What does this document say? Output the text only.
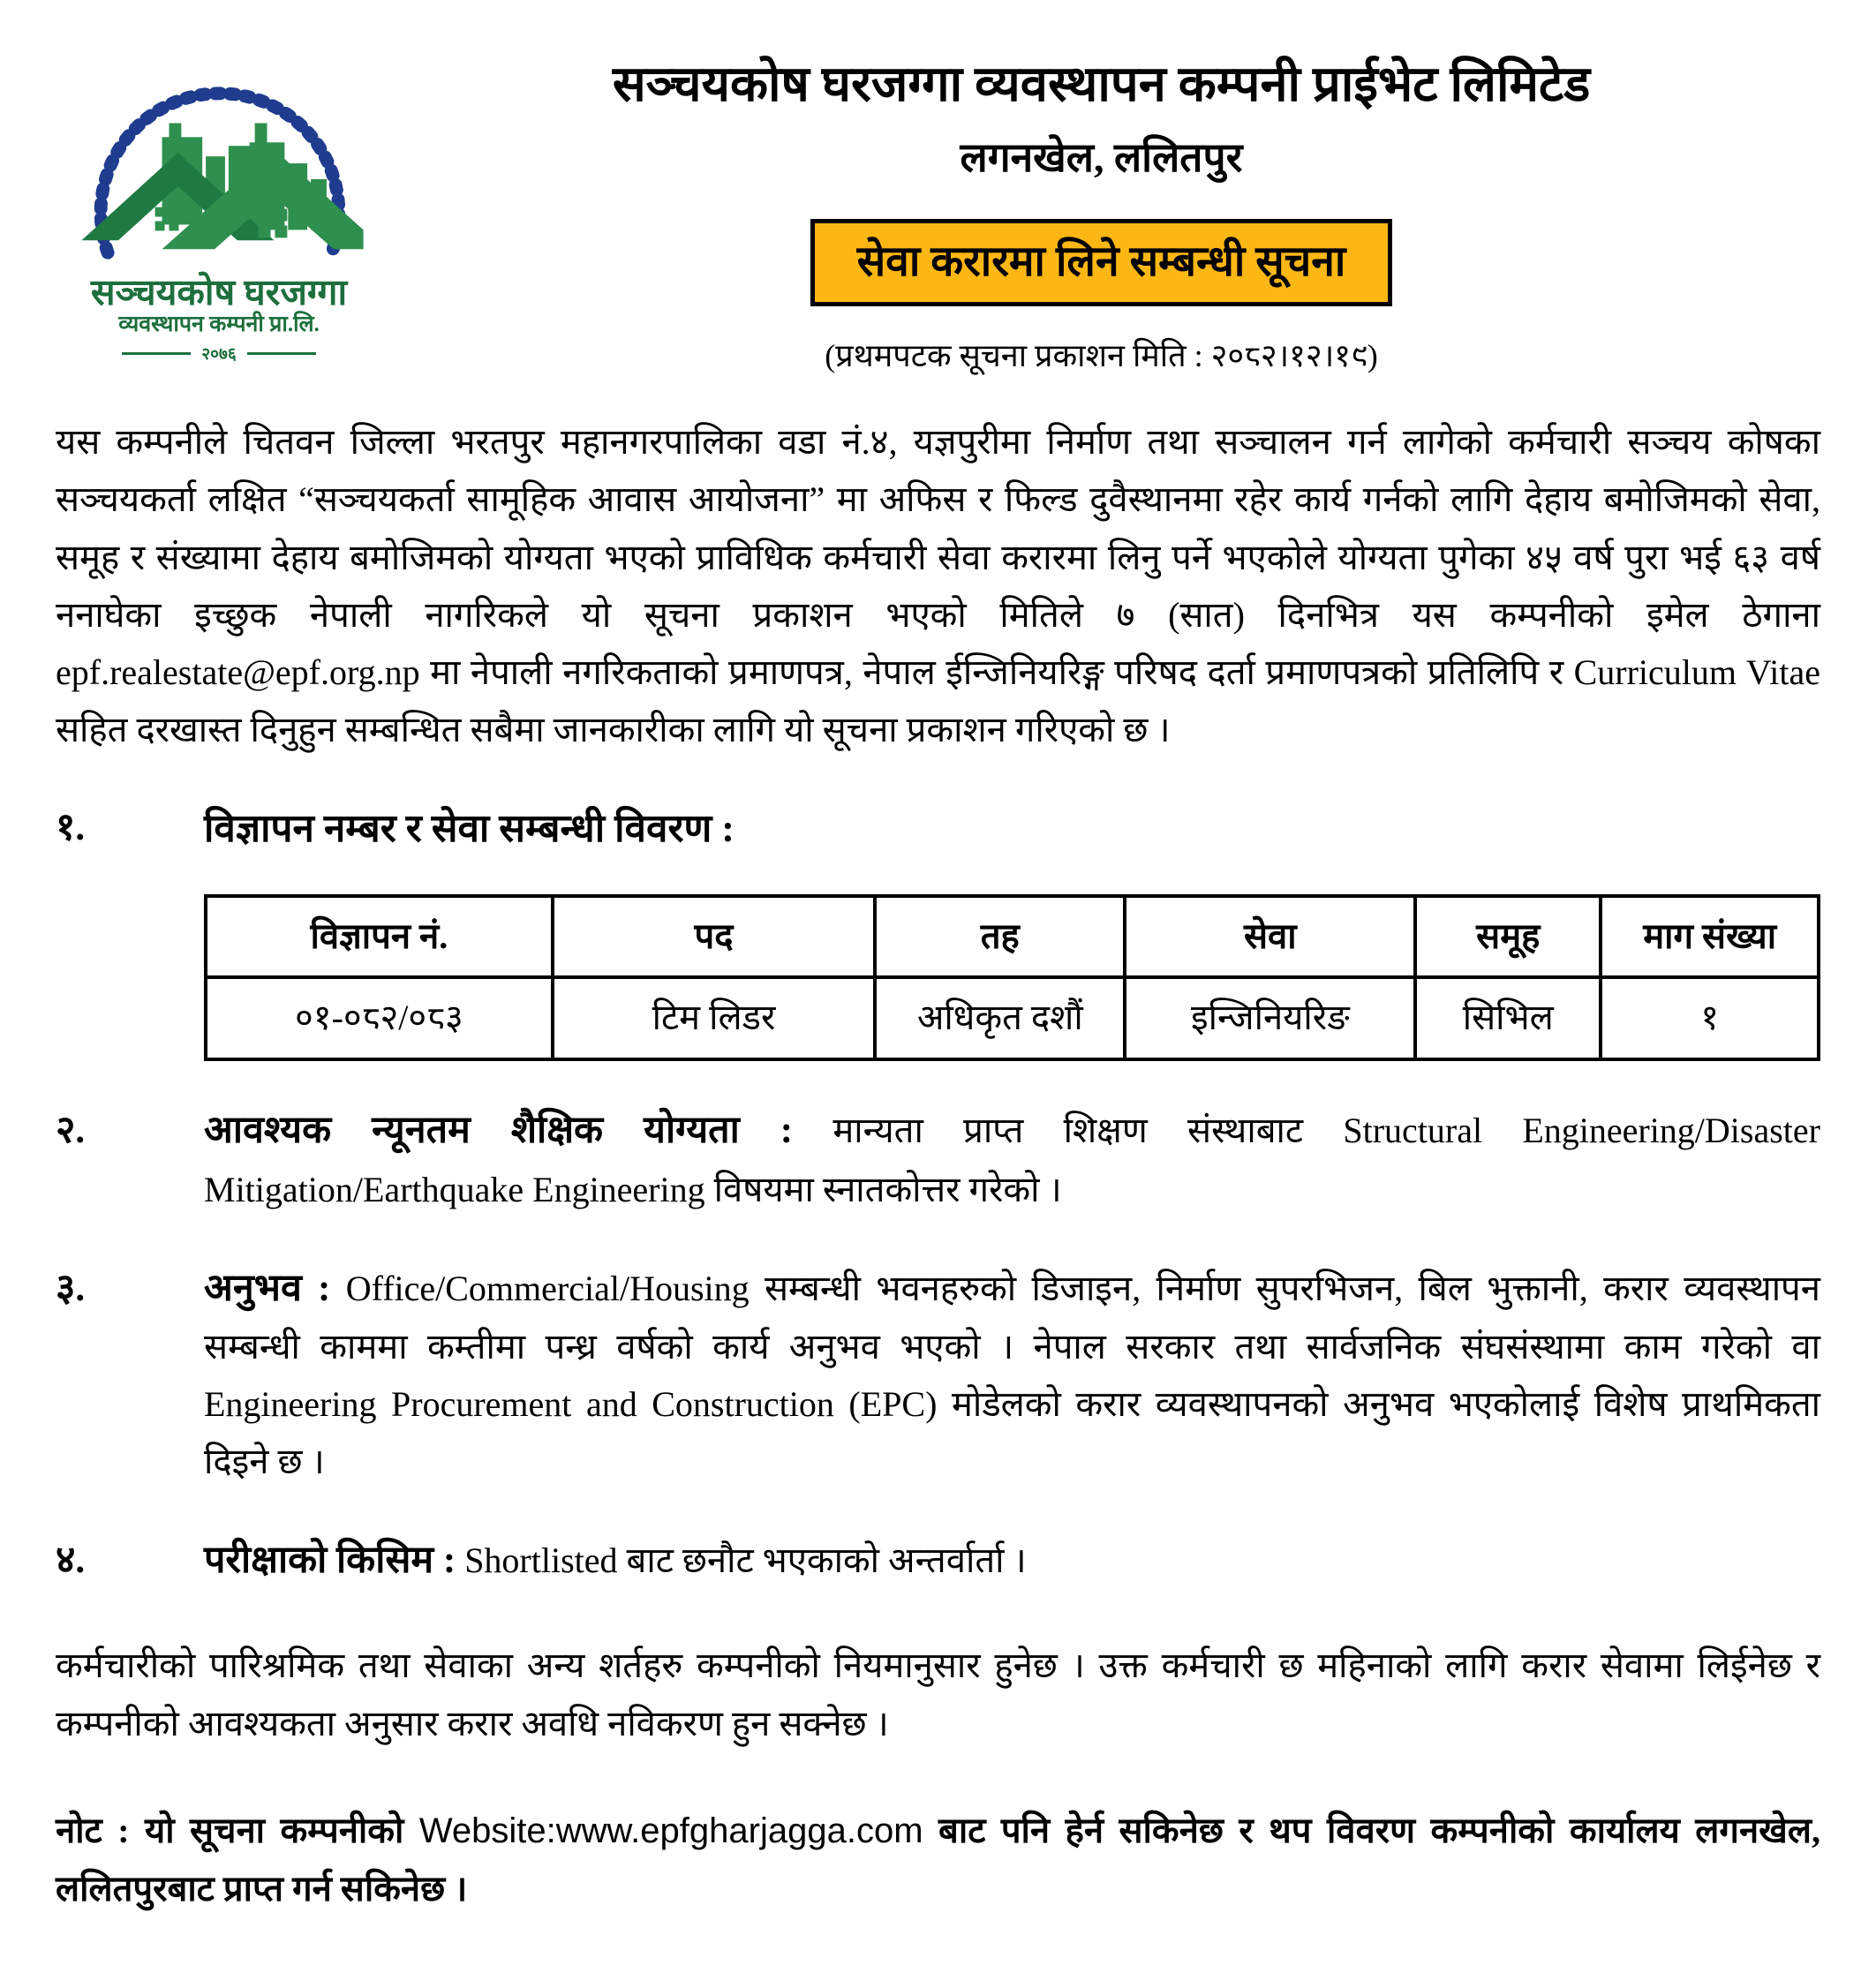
सञ्चयकोष घरजग्गा
व्यवस्थापन कम्पनी प्रा.लि.
२०७६
सञ्चयकोष घरजग्गा व्यवस्थापन कम्पनी प्राईभेट लिमिटेड
लगनखेल, ललितपुर
सेवा करारमा लिने सम्बन्धी सूचना
(प्रथमपटक सूचना प्रकाशन मिति : २०८२।१२।१९)

यस कम्पनीले चितवन जिल्ला भरतपुर महानगरपालिका वडा नं.४, यज्ञपुरीमा निर्माण तथा सञ्चालन गर्न लागेको कर्मचारी सञ्चय कोषका सञ्चयकर्ता लक्षित “सञ्चयकर्ता सामूहिक आवास आयोजना” मा अफिस र फिल्ड दुवैस्थानमा रहेर कार्य गर्नको लागि देहाय बमोजिमको सेवा, समूह र संख्यामा देहाय बमोजिमको योग्यता भएको प्राविधिक कर्मचारी सेवा करारमा लिनु पर्ने भएकोले योग्यता पुगेका ४५ वर्ष पुरा भई ६३ वर्ष ननाघेका इच्छुक नेपाली नागरिकले यो सूचना प्रकाशन भएको मितिले ७ (सात) दिनभित्र यस कम्पनीको इमेल ठेगाना epf.realestate@epf.org.np मा नेपाली नगरिकताको प्रमाणपत्र, नेपाल ईन्जिनियरिङ्ग परिषद दर्ता प्रमाणपत्रको प्रतिलिपि र Curriculum Vitae सहित दरखास्त दिनुहुन सम्बन्धित सबैमा जानकारीका लागि यो सूचना प्रकाशन गरिएको छ ।

१.	विज्ञापन नम्बर र सेवा सम्बन्धी विवरण :
विज्ञापन नं.	पद	तह	सेवा	समूह	माग संख्या
०१-०८२/०८३	टिम लिडर	अधिकृत दशौं	इन्जिनियरिङ	सिभिल	१
२.	आवश्यक न्यूनतम शैक्षिक योग्यता : मान्यता प्राप्त शिक्षण संस्थाबाट Structural Engineering/Disaster Mitigation/Earthquake Engineering विषयमा स्नातकोत्तर गरेको ।
३.	अनुभव : Office/Commercial/Housing सम्बन्धी भवनहरुको डिजाइन, निर्माण सुपरभिजन, बिल भुक्तानी, करार व्यवस्थापन सम्बन्धी काममा कम्तीमा पन्ध्र वर्षको कार्य अनुभव भएको । नेपाल सरकार तथा सार्वजनिक संघसंस्थामा काम गरेको वा Engineering Procurement and Construction (EPC) मोडेलको करार व्यवस्थापनको अनुभव भएकोलाई विशेष प्राथमिकता दिइने छ ।
४.	परीक्षाको किसिम : Shortlisted बाट छनौट भएकाको अन्तर्वार्ता ।

कर्मचारीको पारिश्रमिक तथा सेवाका अन्य शर्तहरु कम्पनीको नियमानुसार हुनेछ । उक्त कर्मचारी छ महिनाको लागि करार सेवामा लिईनेछ र कम्पनीको आवश्यकता अनुसार करार अवधि नविकरण हुन सक्नेछ ।

नोट : यो सूचना कम्पनीको Website:www.epfgharjagga.com बाट पनि हेर्न सकिनेछ र थप विवरण कम्पनीको कार्यालय लगनखेल, ललितपुरबाट प्राप्त गर्न सकिनेछ ।
